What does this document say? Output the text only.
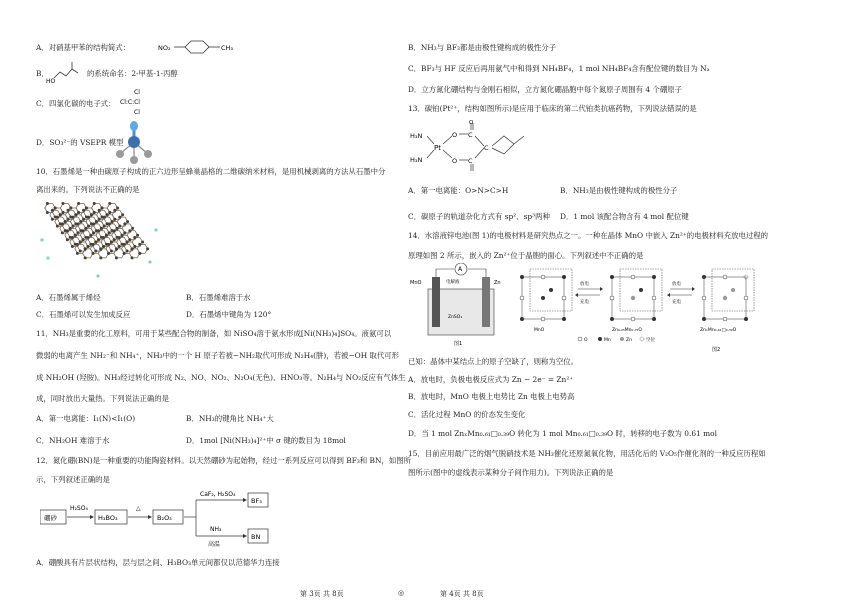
A．对硝基甲苯的结构简式：	NO₂	CH₃
B．
HO
的系统命名：2-甲基-1-丙醇
C．四氯化碳的电子式：
Cl
Cl:C:Cl
Cl
D．SO₃²⁻的 VSEPR 模型
10．石墨烯是一种由碳原子构成的正六边形呈蜂巢晶格的二维碳纳米材料，是用机械剥离的方法从石墨中分
离出来的。下列说法不正确的是
A．石墨烯属于烯烃	B．石墨烯难溶于水
C．石墨烯可以发生加成反应	D．石墨烯中键角为 120°
11．NH₃是重要的化工原料，可用于某些配合物的制备，如 NiSO₄溶于氨水形成[Ni(NH₃)₄]SO₄。液氨可以
微弱的电离产生 NH₂⁻和 NH₄⁺，NH₃中的一个 H 原子若被−NH₂取代可形成 N₂H₄(肼)，若被−OH 取代可形
成 NH₂OH (羟胺)。NH₃经过转化可形成 N₂、NO、NO₂、N₂O₄(无色)、HNO₃等。N₂H₄与 NO₂反应有气体生
成，同时放出大量热。下列说法正确的是
A．第一电离能：I₁(N)<I₁(O)	B．NH₃的键角比 NH₄⁺大
C．NH₂OH 难溶于水	D．1mol [Ni(NH₃)₄]²⁺中 σ 键的数目为 18mol
12．氮化硼(BN)是一种重要的功能陶瓷材料。以天然硼砂为起始物，经过一系列反应可以得到 BF₃和 BN，如图所
示，下列叙述正确的是
硼砂
H₂SO₄
H₃BO₃
△
B₂O₃
CaF₂, H₂SO₄
BF₃
NH₃
高温
BN
A．硼酸具有片层状结构，层与层之间、H₃BO₃单元间都仅以范德华力连接
第 3页 共 8页	◎	第 4页 共 8页
B．NH₃与 BF₃都是由极性键构成的极性分子
C．BF₃与 HF 反应后再用氨气中和得到 NH₄BF₄，1 mol NH₄BF₄含有配位键的数目为 Nₐ
D．立方氮化硼结构与金刚石相似，立方氮化硼晶胞中每个氮原子周围有 4 个硼原子
13．碳铂(Pt²⁺，结构如图所示)是应用于临床的第二代铂类抗癌药物，下列说法错误的是
H₃N
H₃N
Pt
O
O
C
C
O
C
A．第一电离能：O>N>C>H	B．NH₃是由极性键构成的极性分子
C．碳原子的轨道杂化方式有 sp²、sp³两种 D．1 mol 该配合物含有 4 mol 配位键
14．水溶液锌电池(图 1)的电极材料是研究热点之一。一种在晶体 MnO 中嵌入 Zn²⁺的电极材料充放电过程的
原理如图 2 所示，嵌入的 Zn²⁺位于晶胞的面心。下列叙述中不正确的是
A
电解液
MnO	Zn
ZnSO₄
图1
MnO
放电
充电
Zn₀.₂₅Mn₀.₇₅O
放电
充电
ZnₓMn₀.₆₁□₀.₃₉O
O	Mn	Zn	空位
图2
已知：晶体中某结点上的原子空缺了，则称为空位。
A．放电时，负极电极反应式为 Zn − 2e⁻ = Zn²⁺
B．放电时，MnO 电极上电势比 Zn 电极上电势高
C．活化过程 MnO 的价态发生变化
D．当 1 mol ZnₓMn₀.₆₁□₀.₃₉O 转化为 1 mol Mn₀.₆₁□₀.₃₉O 时，转移的电子数为 0.61 mol
15．目前应用最广泛的烟气脱硝技术是 NH₃催化还原氮氧化物，用活化后的 V₂O₅作催化剂的一种反应历程如
图所示(图中的虚线表示某种分子间作用力)。下列说法正确的是
